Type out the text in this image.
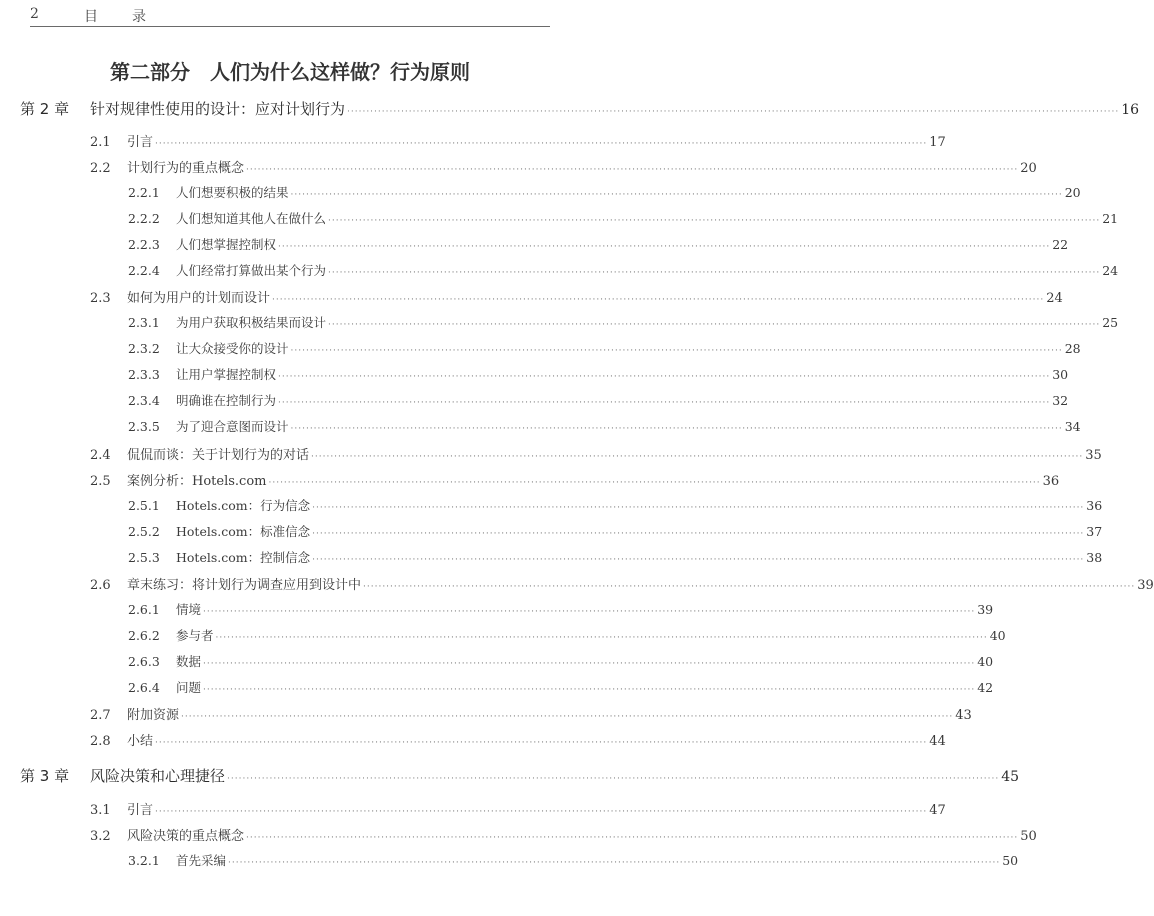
2	目录
第二部分　人们为什么这样做？行为原则
第 2 章	针对规律性使用的设计：应对计划行为 ········································································································································································································ 16
2.1	引言 ········································································································································································································ 17
2.2	计划行为的重点概念 ········································································································································································································ 20
2.2.1	人们想要积极的结果 ········································································································································································································ 20
2.2.2	人们想知道其他人在做什么 ········································································································································································································ 21
2.2.3	人们想掌握控制权 ········································································································································································································ 22
2.2.4	人们经常打算做出某个行为 ········································································································································································································ 24
2.3	如何为用户的计划而设计 ········································································································································································································ 24
2.3.1	为用户获取积极结果而设计 ········································································································································································································ 25
2.3.2	让大众接受你的设计 ········································································································································································································ 28
2.3.3	让用户掌握控制权 ········································································································································································································ 30
2.3.4	明确谁在控制行为 ········································································································································································································ 32
2.3.5	为了迎合意图而设计 ········································································································································································································ 34
2.4	侃侃而谈：关于计划行为的对话 ········································································································································································································ 35
2.5	案例分析：Hotels.com ········································································································································································································ 36
2.5.1	Hotels.com：行为信念 ········································································································································································································ 36
2.5.2	Hotels.com：标准信念 ········································································································································································································ 37
2.5.3	Hotels.com：控制信念 ········································································································································································································ 38
2.6	章末练习：将计划行为调查应用到设计中 ········································································································································································································ 39
2.6.1	情境 ········································································································································································································ 39
2.6.2	参与者 ········································································································································································································ 40
2.6.3	数据 ········································································································································································································ 40
2.6.4	问题 ········································································································································································································ 42
2.7	附加资源 ········································································································································································································ 43
2.8	小结 ········································································································································································································ 44
第 3 章	风险决策和心理捷径 ········································································································································································································ 45
3.1	引言 ········································································································································································································ 47
3.2	风险决策的重点概念 ········································································································································································································ 50
3.2.1	首先采编 ········································································································································································································ 50
